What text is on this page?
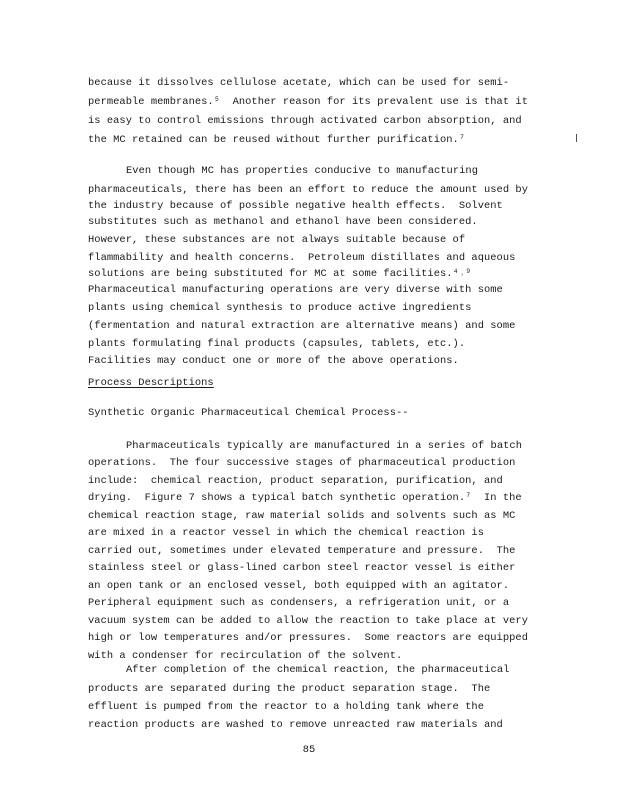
because it dissolves cellulose acetate, which can be used for semi-
permeable membranes.⁵  Another reason for its prevalent use is that it
is easy to control emissions through activated carbon absorption, and
the MC retained can be reused without further purification.⁷
Even though MC has properties conducive to manufacturing
pharmaceuticals, there has been an effort to reduce the amount used by
the industry because of possible negative health effects.  Solvent
substitutes such as methanol and ethanol have been considered.
However, these substances are not always suitable because of
flammability and health concerns.  Petroleum distillates and aqueous
solutions are being substituted for MC at some facilities.⁴˒⁹
Pharmaceutical manufacturing operations are very diverse with some
plants using chemical synthesis to produce active ingredients
(fermentation and natural extraction are alternative means) and some
plants formulating final products (capsules, tablets, etc.).
Facilities may conduct one or more of the above operations.
Process Descriptions
Synthetic Organic Pharmaceutical Chemical Process--
Pharmaceuticals typically are manufactured in a series of batch
operations.  The four successive stages of pharmaceutical production
include:  chemical reaction, product separation, purification, and
drying.  Figure 7 shows a typical batch synthetic operation.⁷  In the
chemical reaction stage, raw material solids and solvents such as MC
are mixed in a reactor vessel in which the chemical reaction is
carried out, sometimes under elevated temperature and pressure.  The
stainless steel or glass-lined carbon steel reactor vessel is either
an open tank or an enclosed vessel, both equipped with an agitator.
Peripheral equipment such as condensers, a refrigeration unit, or a
vacuum system can be added to allow the reaction to take place at very
high or low temperatures and/or pressures.  Some reactors are equipped
with a condenser for recirculation of the solvent.
After completion of the chemical reaction, the pharmaceutical
products are separated during the product separation stage.  The
effluent is pumped from the reactor to a holding tank where the
85
reaction products are washed to remove unreacted raw materials and
